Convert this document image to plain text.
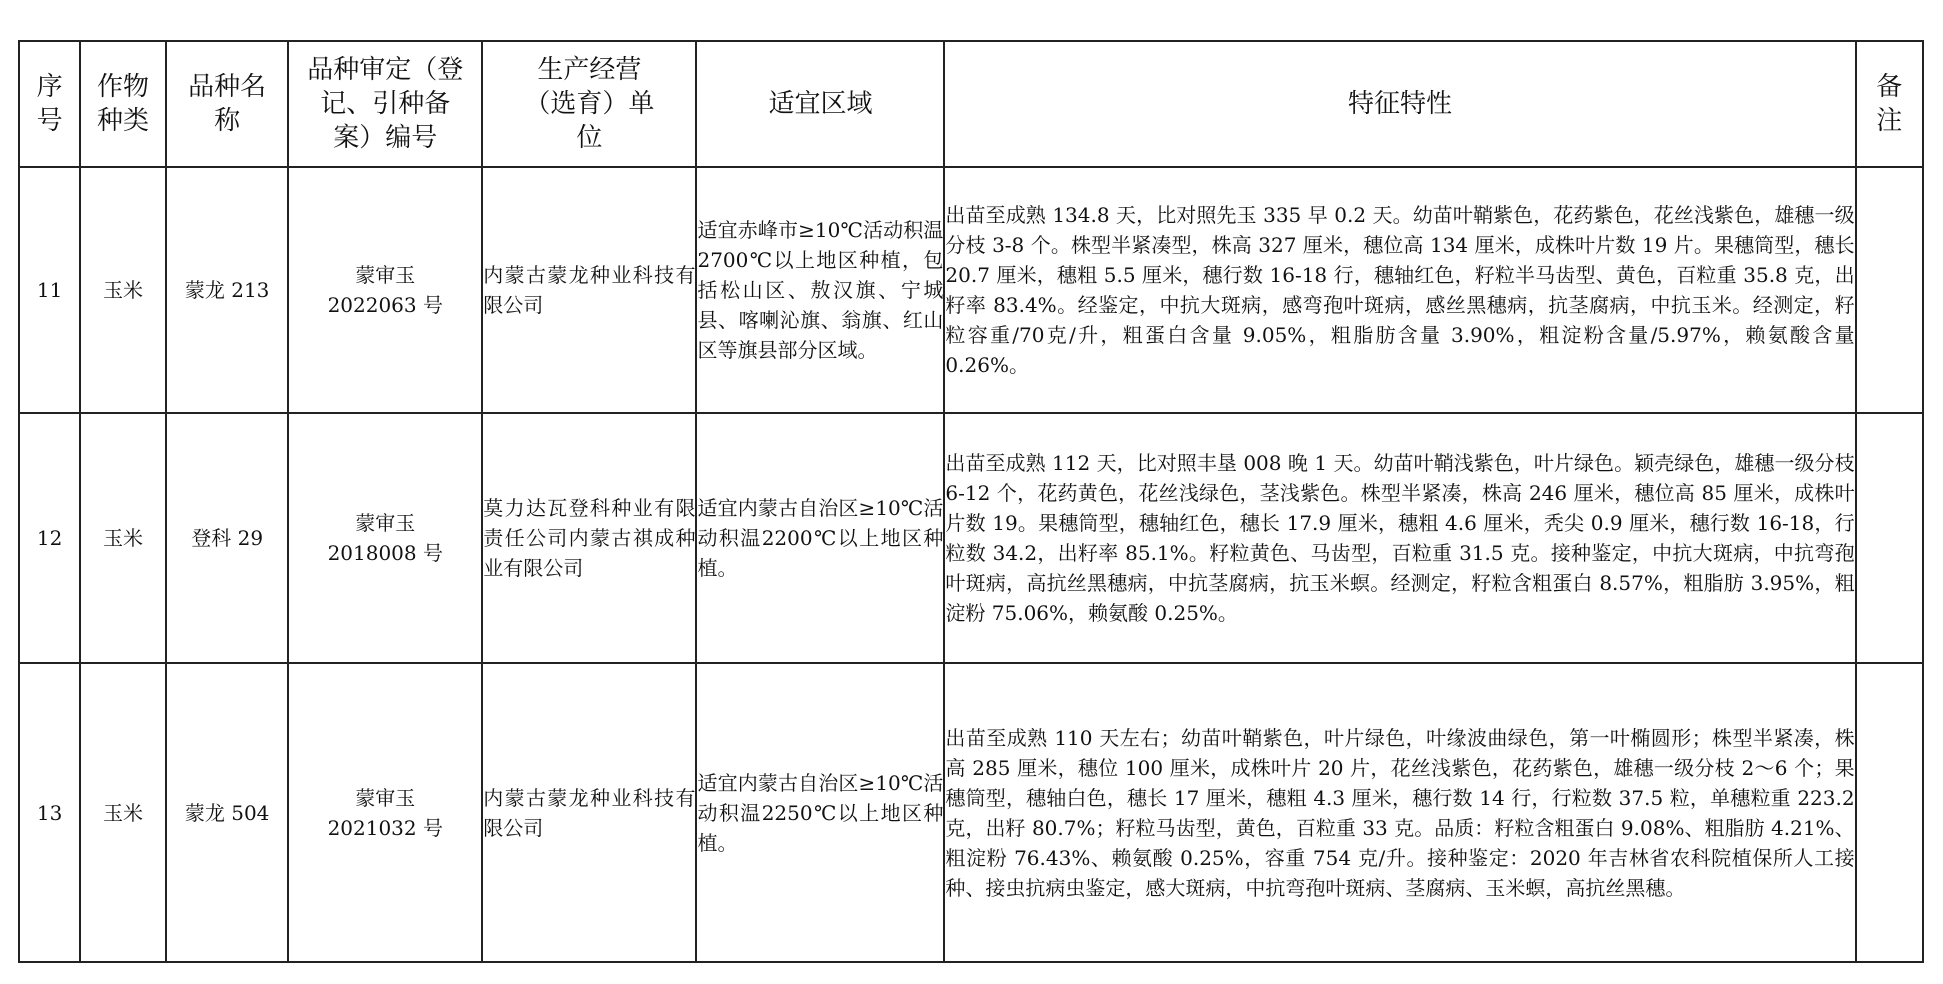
序号	作物种类	品种名称	品种审定（登记、引种备案）编号	生产经营（选育）单位	适宜区域	特征特性	备注

11	玉米	蒙龙 213	蒙审玉2022063 号	内蒙古蒙龙种业科技有限公司	适宜赤峰市≥10℃活动积温 2700℃以上地区种植，包括松山区、敖汉旗、宁城县、喀喇沁旗、翁旗、红山区等旗县部分区域。	出苗至成熟 134.8 天，比对照先玉 335 早 0.2 天。幼苗叶鞘紫色，花药紫色，花丝浅紫色，雄穗一级分枝 3-8 个。株型半紧凑型，株高 327 厘米，穗位高 134 厘米，成株叶片数 19 片。果穗筒型，穗长 20.7 厘米，穗粗 5.5 厘米，穗行数 16-18 行，穗轴红色，籽粒半马齿型、黄色，百粒重 35.8 克，出籽率 83.4%。经鉴定，中抗大斑病，感弯孢叶斑病，感丝黑穗病，抗茎腐病，中抗玉米。经测定，籽粒容重/70克/升，粗蛋白含量 9.05%，粗脂肪含量 3.90%，粗淀粉含量/5.97%，赖氨酸含量 0.26%。	
12	玉米	登科 29	蒙审玉2018008 号	莫力达瓦登科种业有限责任公司内蒙古祺成种业有限公司	适宜内蒙古自治区≥10℃活动积温2200℃以上地区种植。	出苗至成熟 112 天，比对照丰垦 008 晚 1 天。幼苗叶鞘浅紫色，叶片绿色。颖壳绿色，雄穗一级分枝 6-12 个，花药黄色，花丝浅绿色，茎浅紫色。株型半紧凑，株高 246 厘米，穗位高 85 厘米，成株叶片数 19。果穗筒型，穗轴红色，穗长 17.9 厘米，穗粗 4.6 厘米，秃尖 0.9 厘米，穗行数 16-18，行粒数 34.2，出籽率 85.1%。籽粒黄色、马齿型，百粒重 31.5 克。接种鉴定，中抗大斑病，中抗弯孢叶斑病，高抗丝黑穗病，中抗茎腐病，抗玉米螟。经测定，籽粒含粗蛋白 8.57%，粗脂肪 3.95%，粗淀粉 75.06%，赖氨酸 0.25%。	
13	玉米	蒙龙 504	蒙审玉2021032 号	内蒙古蒙龙种业科技有限公司	适宜内蒙古自治区≥10℃活动积温2250℃以上地区种植。	出苗至成熟 110 天左右；幼苗叶鞘紫色，叶片绿色，叶缘波曲绿色，第一叶椭圆形；株型半紧凑，株高 285 厘米，穗位 100 厘米，成株叶片 20 片，花丝浅紫色，花药紫色，雄穗一级分枝 2～6 个；果穗筒型，穗轴白色，穗长 17 厘米，穗粗 4.3 厘米，穗行数 14 行，行粒数 37.5 粒，单穗粒重 223.2 克，出籽 80.7%；籽粒马齿型，黄色，百粒重 33 克。品质：籽粒含粗蛋白 9.08%、粗脂肪 4.21%、粗淀粉 76.43%、赖氨酸 0.25%，容重 754 克/升。接种鉴定：2020 年吉林省农科院植保所人工接种、接虫抗病虫鉴定，感大斑病，中抗弯孢叶斑病、茎腐病、玉米螟，高抗丝黑穗。	
